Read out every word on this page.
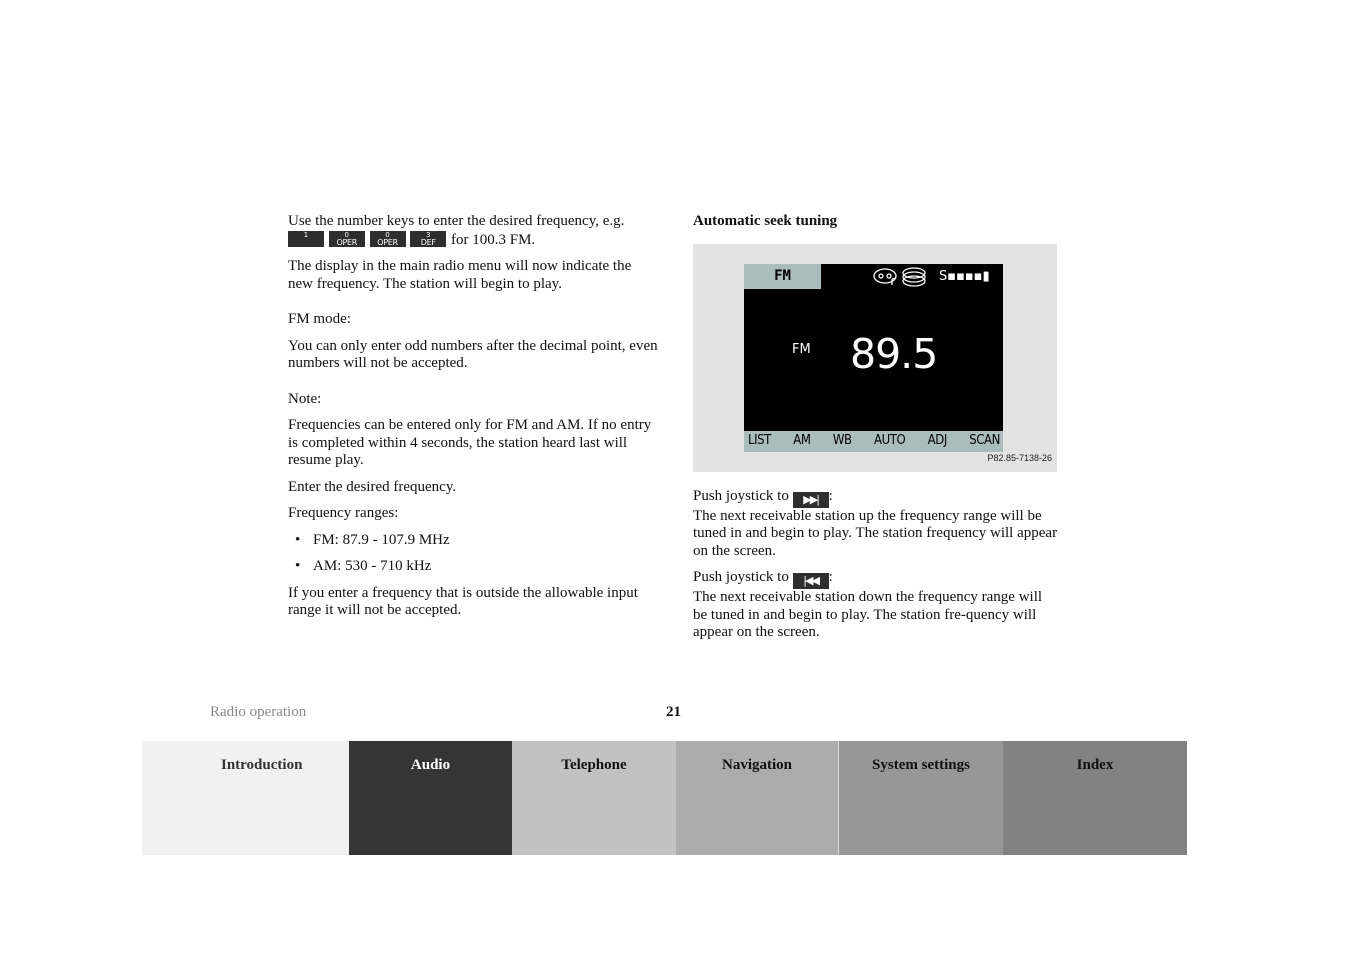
Use the number keys to enter the desired frequency, e.g.
1
	0
OPER

0
OPER

3
DEF	for 100.3 FM.

The display in the main radio menu will now indicate the new frequency. The station will begin to play.

FM mode:

You can only enter odd numbers after the decimal point, even numbers will not be accepted.

Note:

Frequencies can be entered only for FM and AM. If no entry is completed within 4 seconds, the station heard last will resume play.

Enter the desired frequency.

Frequency ranges:

• FM: 87.9 - 107.9 MHz
• AM: 530 - 710 kHz

If you enter a frequency that is outside the allowable input range it will not be accepted.

Automatic seek tuning

FM	S▪▪▪▪▮
FM 89.5
LIST AM WB AUTO ADJ SCAN
P82.85-7138-26

Push joystick to ▶▶| :
The next receivable station up the frequency range will be tuned in and begin to play. The station frequency will appear on the screen.

Push joystick to |◀◀ :
The next receivable station down the frequency range will be tuned in and begin to play. The station fre-quency will appear on the screen.

Radio operation	21
Introduction	Audio	Telephone	Navigation	System settings	Index
